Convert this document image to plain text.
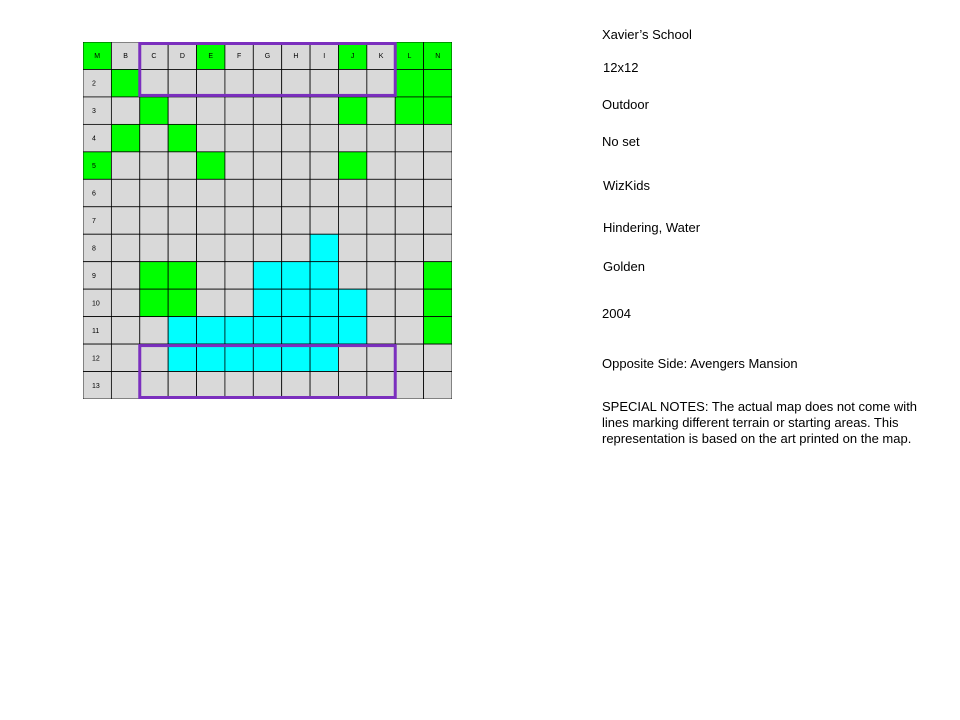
M	B	C	D	E	F	G	H	I	J	K	L	N
2
3
4
5
6
7
8
9
10
11
12
13
Xavier’s School
12x12
Outdoor
No set
WizKids
Hindering, Water
Golden
2004
Opposite Side: Avengers Mansion
SPECIAL NOTES: The actual map does not come with lines marking different terrain or starting areas. This representation is based on the art printed on the map.
